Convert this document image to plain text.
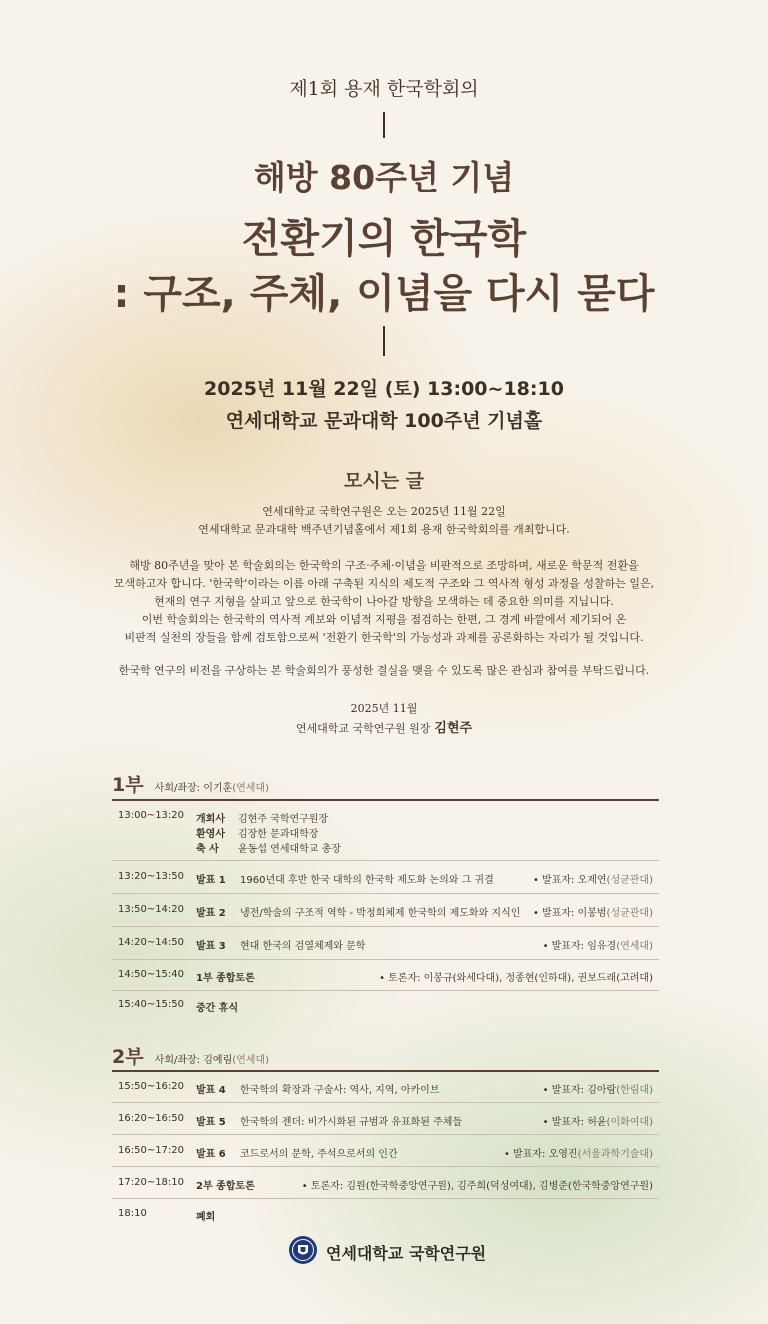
제1회 용재 한국학회의
해방 80주년 기념
전환기의 한국학
: 구조, 주체, 이념을 다시 묻다
2025년 11월 22일 (토) 13:00~18:10
연세대학교 문과대학 100주년 기념홀
모시는 글
연세대학교 국학연구원은 오는 2025년 11월 22일
연세대학교 문과대학 백주년기념홀에서 제1회 용재 한국학회의를 개최합니다.
해방 80주년을 맞아 본 학술회의는 한국학의 구조·주체·이념을 비판적으로 조망하며, 새로운 학문적 전환을
모색하고자 합니다. '한국학'이라는 이름 아래 구축된 지식의 제도적 구조와 그 역사적 형성 과정을 성찰하는 일은,
현재의 연구 지형을 살피고 앞으로 한국학이 나아갈 방향을 모색하는 데 중요한 의미를 지닙니다.
이번 학술회의는 한국학의 역사적 계보와 이념적 지평을 점검하는 한편, 그 경계 바깥에서 제기되어 온
비판적 실천의 장들을 함께 검토함으로써 '전환기 한국학'의 가능성과 과제를 공론화하는 자리가 될 것입니다.
한국학 연구의 비전을 구상하는 본 학술회의가 풍성한 결실을 맺을 수 있도록 많은 관심과 참여를 부탁드립니다.
2025년 11월
연세대학교 국학연구원 원장 김현주
1부 사회/좌장: 이기훈(연세대)
13:00~13:20 개회사 김현주 국학연구원장
환영사 김장한 문과대학장
축 사 윤동섭 연세대학교 총장
13:20~13:50 발표 1 1960년대 후반 한국 대학의 한국학 제도화 논의와 그 귀결	• 발표자: 오제연(성균관대)
13:50~14:20 발표 2 냉전/학술의 구조적 역학 - 박정희체제 한국학의 제도화와 지식인 • 발표자: 이봉범(성균관대)
14:20~14:50 발표 3 현대 한국의 검열체제와 문학	• 발표자: 임유경(연세대)
14:50~15:40 1부 종합토론	• 토론자: 이봉규(와세다대), 정종현(인하대), 권보드래(고려대)
15:40~15:50 중간 휴식
2부 사회/좌장: 김예림(연세대)
15:50~16:20 발표 4 한국학의 확장과 구술사: 역사, 지역, 아카이브	• 발표자: 김아람(한림대)
16:20~16:50 발표 5 한국학의 젠더: 비가시화된 규범과 유표화된 주체들	• 발표자: 허윤(이화여대)
16:50~17:20 발표 6 코드로서의 문학, 주석으로서의 인간	• 발표자: 오영진(서울과학기술대)
17:20~18:10 2부 종합토론	• 토론자: 김원(한국학중앙연구원), 김주희(덕성여대), 김병준(한국학중앙연구원)
18:10	폐회
연세대학교 국학연구원
